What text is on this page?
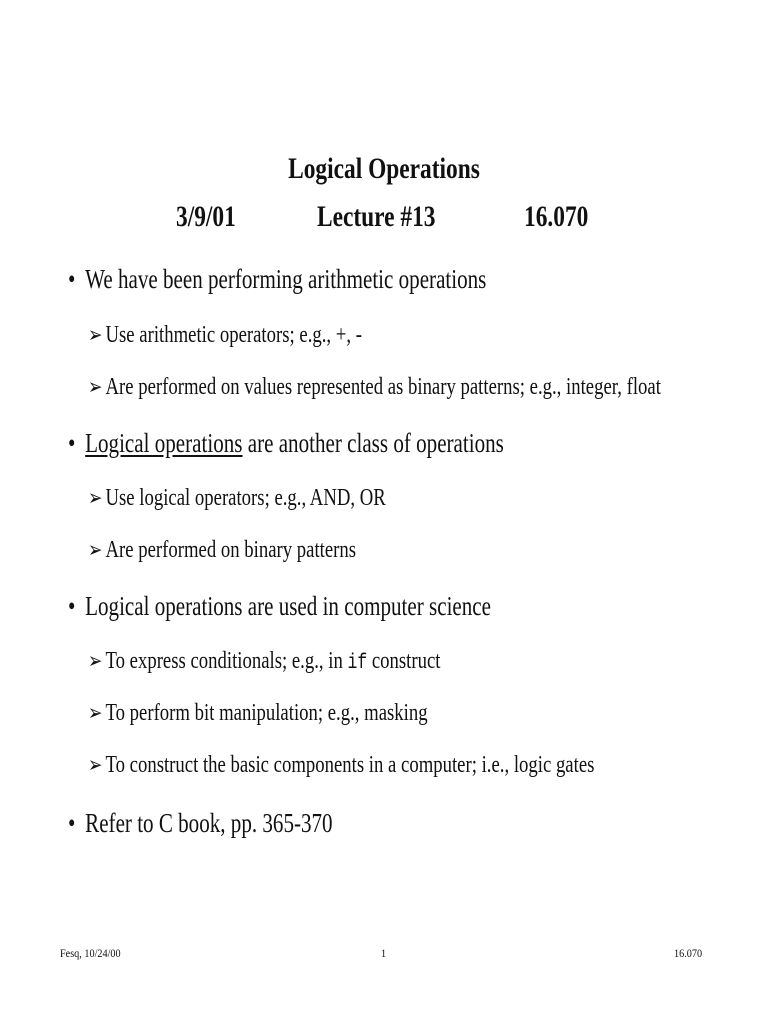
Logical Operations
3/9/01	Lecture #13	16.070
• We have been performing arithmetic operations
➢ Use arithmetic operators; e.g., +, -
➢ Are performed on values represented as binary patterns; e.g., integer, float
• Logical operations are another class of operations
➢ Use logical operators; e.g., AND, OR
➢ Are performed on binary patterns
• Logical operations are used in computer science
➢ To express conditionals; e.g., in if construct
➢ To perform bit manipulation; e.g., masking
➢ To construct the basic components in a computer; i.e., logic gates
• Refer to C book, pp. 365-370
Fesq, 10/24/00	1	16.070
